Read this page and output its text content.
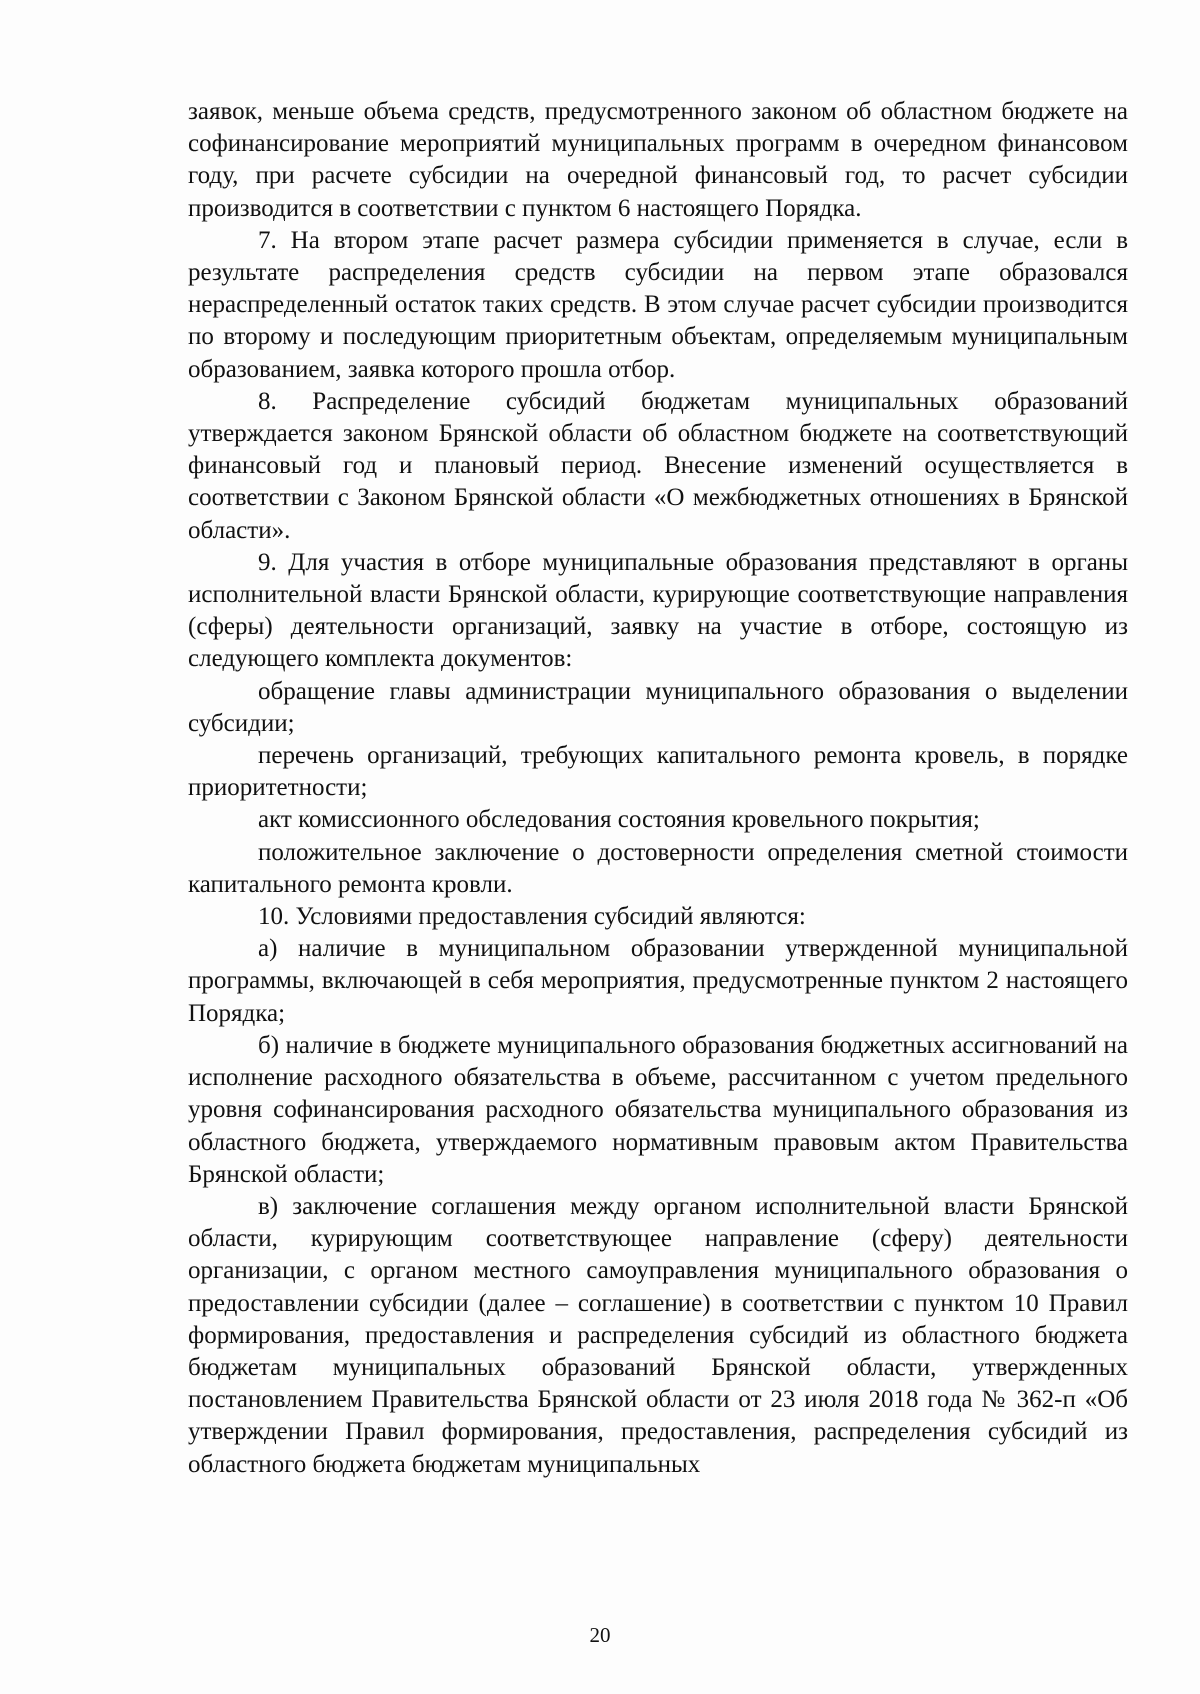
заявок, меньше объема средств, предусмотренного законом об областном бюджете на софинансирование мероприятий муниципальных программ в очередном финансовом году, при расчете субсидии на очередной финансовый год, то расчет субсидии производится в соответствии с пунктом 6 настоящего Порядка.

7. На втором этапе расчет размера субсидии применяется в случае, если в результате распределения средств субсидии на первом этапе образовался нераспределенный остаток таких средств. В этом случае расчет субсидии производится по второму и последующим приоритетным объектам, определяемым муниципальным образованием, заявка которого прошла отбор.

8. Распределение субсидий бюджетам муниципальных образований утверждается законом Брянской области об областном бюджете на соответствующий финансовый год и плановый период. Внесение изменений осуществляется в соответствии с Законом Брянской области «О межбюджетных отношениях в Брянской области».

9. Для участия в отборе муниципальные образования представляют в органы исполнительной власти Брянской области, курирующие соответствующие направления (сферы) деятельности организаций, заявку на участие в отборе, состоящую из следующего комплекта документов:

обращение главы администрации муниципального образования о выделении субсидии;

перечень организаций, требующих капитального ремонта кровель, в порядке приоритетности;

акт комиссионного обследования состояния кровельного покрытия;

положительное заключение о достоверности определения сметной стоимости капитального ремонта кровли.

10. Условиями предоставления субсидий являются:

а) наличие в муниципальном образовании утвержденной муниципальной программы, включающей в себя мероприятия, предусмотренные пунктом 2 настоящего Порядка;

б) наличие в бюджете муниципального образования бюджетных ассигнований на исполнение расходного обязательства в объеме, рассчитанном с учетом предельного уровня софинансирования расходного обязательства муниципального образования из областного бюджета, утверждаемого нормативным правовым актом Правительства Брянской области;

в) заключение соглашения между органом исполнительной власти Брянской области, курирующим соответствующее направление (сферу) деятельности организации, с органом местного самоуправления муниципального образования о предоставлении субсидии (далее – соглашение) в соответствии с пунктом 10 Правил формирования, предоставления и распределения субсидий из областного бюджета бюджетам муниципальных образований Брянской области, утвержденных постановлением Правительства Брянской области от 23 июля 2018 года № 362-п «Об утверждении Правил формирования, предоставления, распределения субсидий из областного бюджета бюджетам муниципальных

20
